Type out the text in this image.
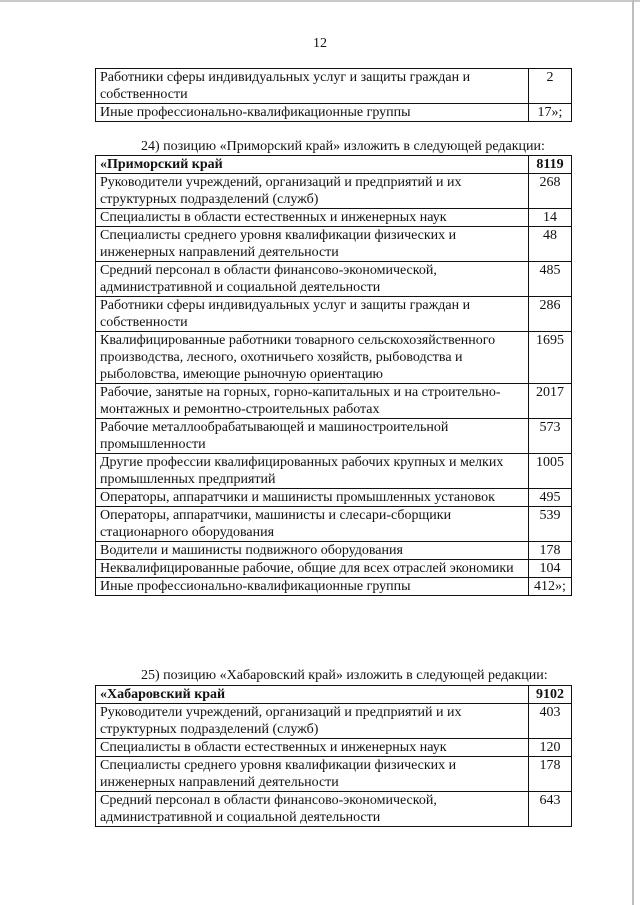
12
Работники сферы индивидуальных услуг и защиты граждан и собственности	2
Иные профессионально-квалификационные группы	17»;
24) позицию «Приморский край» изложить в следующей редакции:
«Приморский край	8119
Руководители учреждений, организаций и предприятий и их структурных подразделений (служб)	268
Специалисты в области естественных и инженерных наук	14
Специалисты среднего уровня квалификации физических и инженерных направлений деятельности	48
Средний персонал в области финансово-экономической, административной и социальной деятельности	485
Работники сферы индивидуальных услуг и защиты граждан и собственности	286
Квалифицированные работники товарного сельскохозяйственного производства, лесного, охотничьего хозяйств, рыбоводства и рыболовства, имеющие рыночную ориентацию	1695
Рабочие, занятые на горных, горно-капитальных и на строительно-монтажных и ремонтно-строительных работах	2017
Рабочие металлообрабатывающей и машиностроительной промышленности	573
Другие профессии квалифицированных рабочих крупных и мелких промышленных предприятий	1005
Операторы, аппаратчики и машинисты промышленных установок	495
Операторы, аппаратчики, машинисты и слесари-сборщики стационарного оборудования	539
Водители и машинисты подвижного оборудования	178
Неквалифицированные рабочие, общие для всех отраслей экономики	104
Иные профессионально-квалификационные группы	412»;
25) позицию «Хабаровский край» изложить в следующей редакции:
«Хабаровский край	9102
Руководители учреждений, организаций и предприятий и их структурных подразделений (служб)	403
Специалисты в области естественных и инженерных наук	120
Специалисты среднего уровня квалификации физических и инженерных направлений деятельности	178
Средний персонал в области финансово-экономической, административной и социальной деятельности	643
